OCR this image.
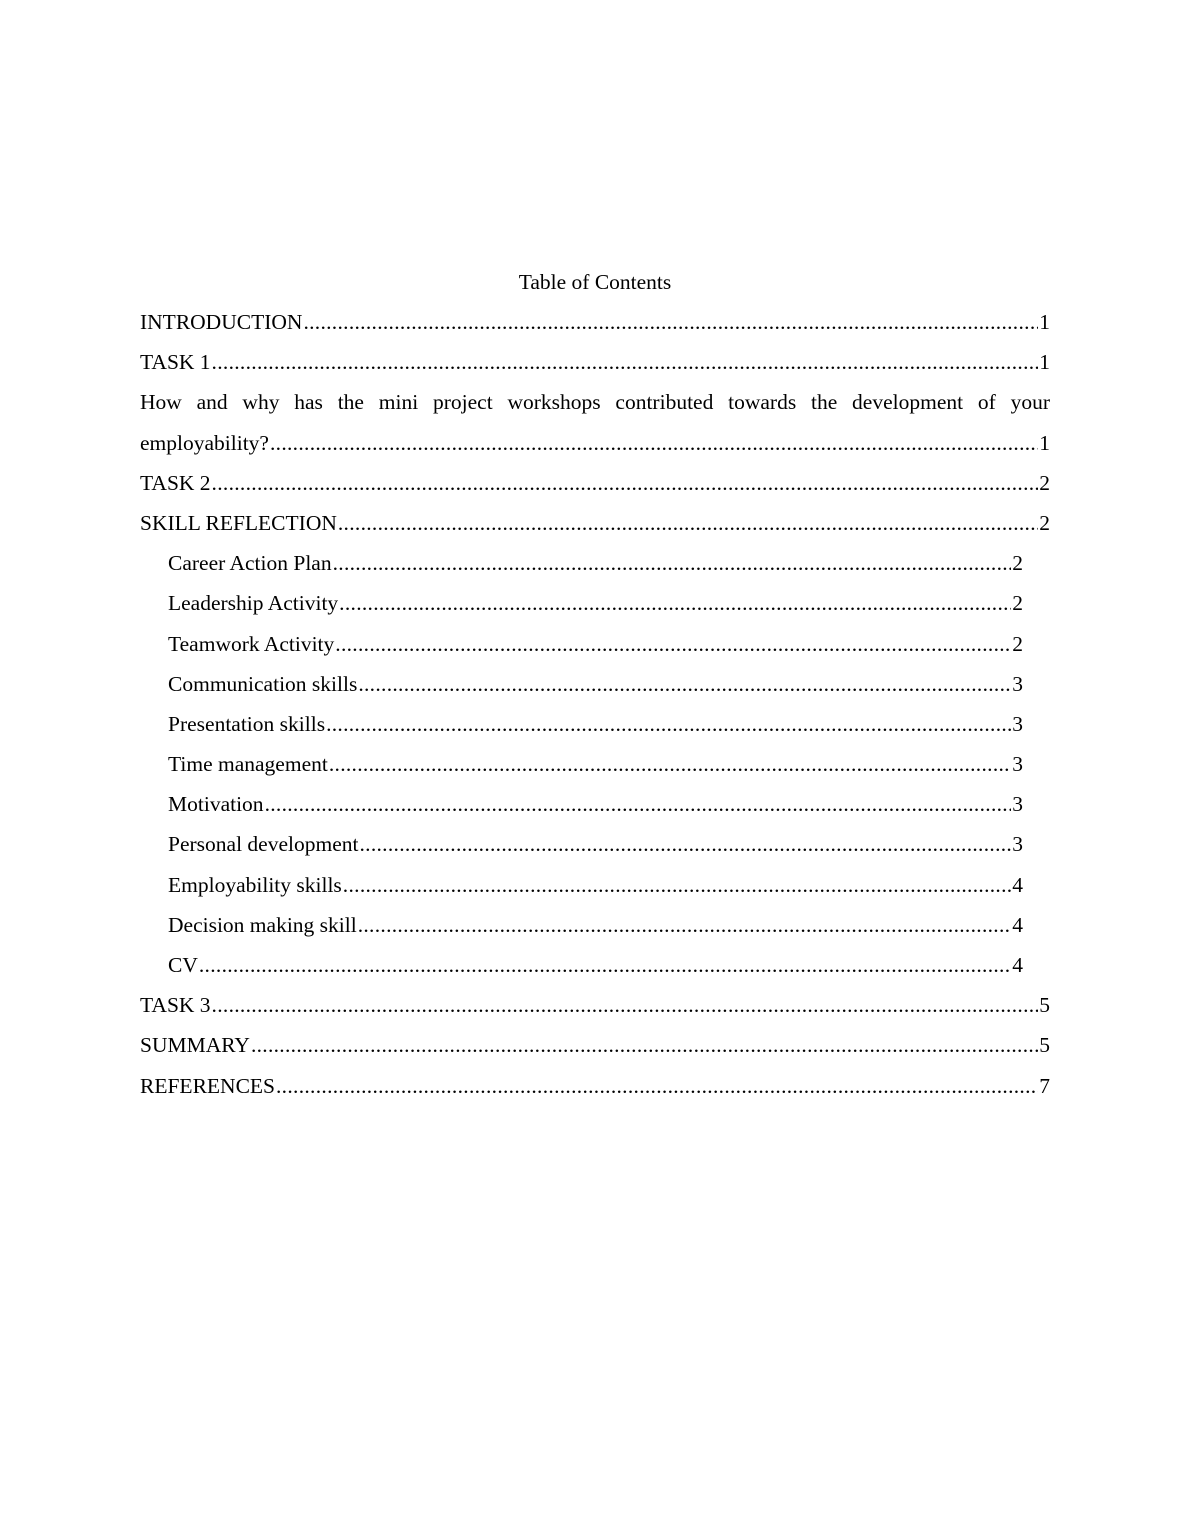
Table of Contents
INTRODUCTION .....	1
TASK 1 .....	1
How and why has the mini project workshops contributed towards the development of your
employability? .....	1
TASK 2 .....	2
SKILL REFLECTION .....	2
Career Action Plan .....	2
Leadership Activity .....	2
Teamwork Activity .....	2
Communication skills .....	3
Presentation skills .....	3
Time management .....	3
Motivation .....	3
Personal development .....	3
Employability skills .....	4
Decision making skill .....	4
CV .....	4
TASK 3 .....	5
SUMMARY .....	5
REFERENCES .....	7
